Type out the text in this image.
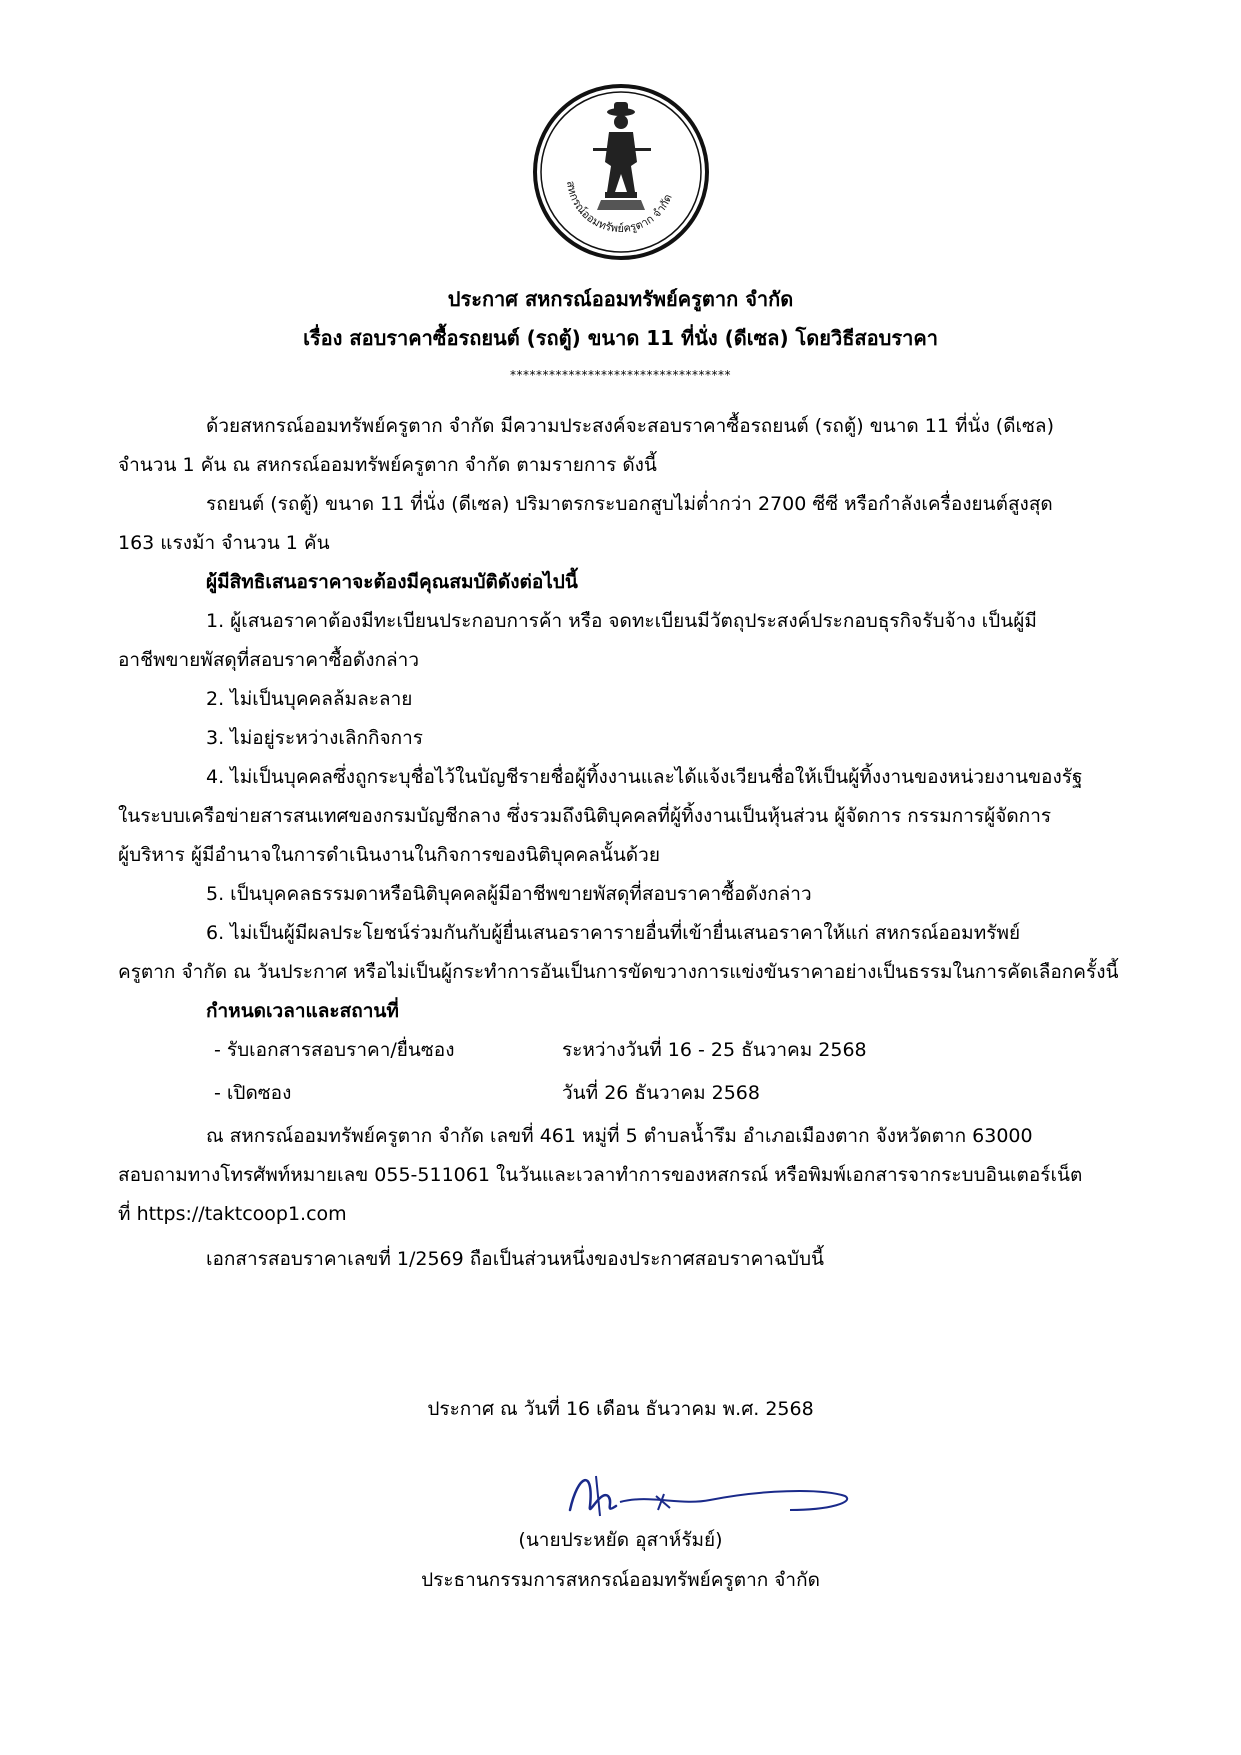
สหกรณ์ออมทรัพย์ครูตาก จำกัด
ประกาศ สหกรณ์ออมทรัพย์ครูตาก จำกัด
เรื่อง สอบราคาซื้อรถยนต์ (รถตู้) ขนาด 11 ที่นั่ง (ดีเซล) โดยวิธีสอบราคา
**********************************
ด้วยสหกรณ์ออมทรัพย์ครูตาก จำกัด มีความประสงค์จะสอบราคาซื้อรถยนต์ (รถตู้) ขนาด 11 ที่นั่ง (ดีเซล)
จำนวน 1 คัน ณ สหกรณ์ออมทรัพย์ครูตาก จำกัด ตามรายการ ดังนี้
รถยนต์ (รถตู้) ขนาด 11 ที่นั่ง (ดีเซล) ปริมาตรกระบอกสูบไม่ต่ำกว่า 2700 ซีซี หรือกำลังเครื่องยนต์สูงสุด
163 แรงม้า จำนวน 1 คัน
ผู้มีสิทธิเสนอราคาจะต้องมีคุณสมบัติดังต่อไปนี้
1. ผู้เสนอราคาต้องมีทะเบียนประกอบการค้า หรือ จดทะเบียนมีวัตถุประสงค์ประกอบธุรกิจรับจ้าง เป็นผู้มี
อาชีพขายพัสดุที่สอบราคาซื้อดังกล่าว
2. ไม่เป็นบุคคลล้มละลาย
3. ไม่อยู่ระหว่างเลิกกิจการ
4. ไม่เป็นบุคคลซึ่งถูกระบุชื่อไว้ในบัญชีรายชื่อผู้ทิ้งงานและได้แจ้งเวียนชื่อให้เป็นผู้ทิ้งงานของหน่วยงานของรัฐ
ในระบบเครือข่ายสารสนเทศของกรมบัญชีกลาง ซึ่งรวมถึงนิติบุคคลที่ผู้ทิ้งงานเป็นหุ้นส่วน ผู้จัดการ กรรมการผู้จัดการ
ผู้บริหาร ผู้มีอำนาจในการดำเนินงานในกิจการของนิติบุคคลนั้นด้วย
5. เป็นบุคคลธรรมดาหรือนิติบุคคลผู้มีอาชีพขายพัสดุที่สอบราคาซื้อดังกล่าว
6. ไม่เป็นผู้มีผลประโยชน์ร่วมกันกับผู้ยื่นเสนอราคารายอื่นที่เข้ายื่นเสนอราคาให้แก่ สหกรณ์ออมทรัพย์
ครูตาก จำกัด ณ วันประกาศ หรือไม่เป็นผู้กระทำการอันเป็นการขัดขวางการแข่งขันราคาอย่างเป็นธรรมในการคัดเลือกครั้งนี้
กำหนดเวลาและสถานที่
- รับเอกสารสอบราคา/ยื่นซอง	ระหว่างวันที่ 16 - 25 ธันวาคม 2568
- เปิดซอง	วันที่ 26 ธันวาคม 2568
ณ สหกรณ์ออมทรัพย์ครูตาก จำกัด เลขที่ 461 หมู่ที่ 5 ตำบลน้ำรึม อำเภอเมืองตาก จังหวัดตาก 63000
สอบถามทางโทรศัพท์หมายเลข 055-511061 ในวันและเวลาทำการของหสกรณ์ หรือพิมพ์เอกสารจากระบบอินเตอร์เน็ต
ที่ https://taktcoop1.com
เอกสารสอบราคาเลขที่ 1/2569 ถือเป็นส่วนหนึ่งของประกาศสอบราคาฉบับนี้
ประกาศ ณ วันที่ 16 เดือน ธันวาคม พ.ศ. 2568
(นายประหยัด อุสาห์รัมย์)
ประธานกรรมการสหกรณ์ออมทรัพย์ครูตาก จำกัด
